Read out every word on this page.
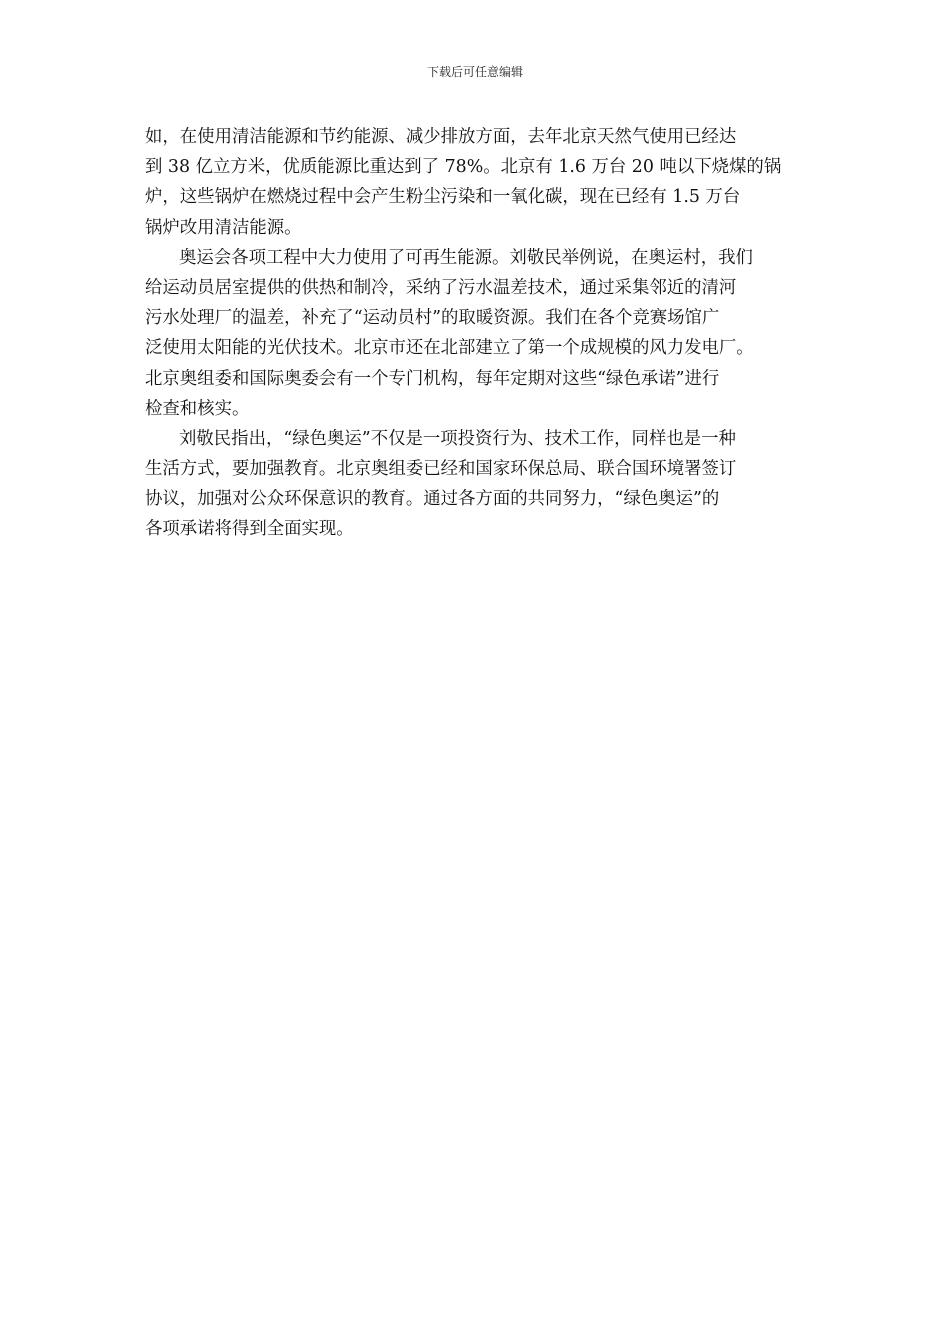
下载后可任意编辑
如，在使用清洁能源和节约能源、减少排放方面，去年北京天然气使用已经达
到 38 亿立方米，优质能源比重达到了 78%。北京有 1.6 万台 20 吨以下烧煤的锅
炉，这些锅炉在燃烧过程中会产生粉尘污染和一氧化碳，现在已经有 1.5 万台
锅炉改用清洁能源。
奥运会各项工程中大力使用了可再生能源。刘敬民举例说，在奥运村，我们
给运动员居室提供的供热和制冷，采纳了污水温差技术，通过采集邻近的清河
污水处理厂的温差，补充了“运动员村”的取暖资源。我们在各个竞赛场馆广
泛使用太阳能的光伏技术。北京市还在北部建立了第一个成规模的风力发电厂。
北京奥组委和国际奥委会有一个专门机构，每年定期对这些“绿色承诺”进行
检查和核实。
刘敬民指出，“绿色奥运”不仅是一项投资行为、技术工作，同样也是一种
生活方式，要加强教育。北京奥组委已经和国家环保总局、联合国环境署签订
协议，加强对公众环保意识的教育。通过各方面的共同努力，“绿色奥运”的
各项承诺将得到全面实现。
